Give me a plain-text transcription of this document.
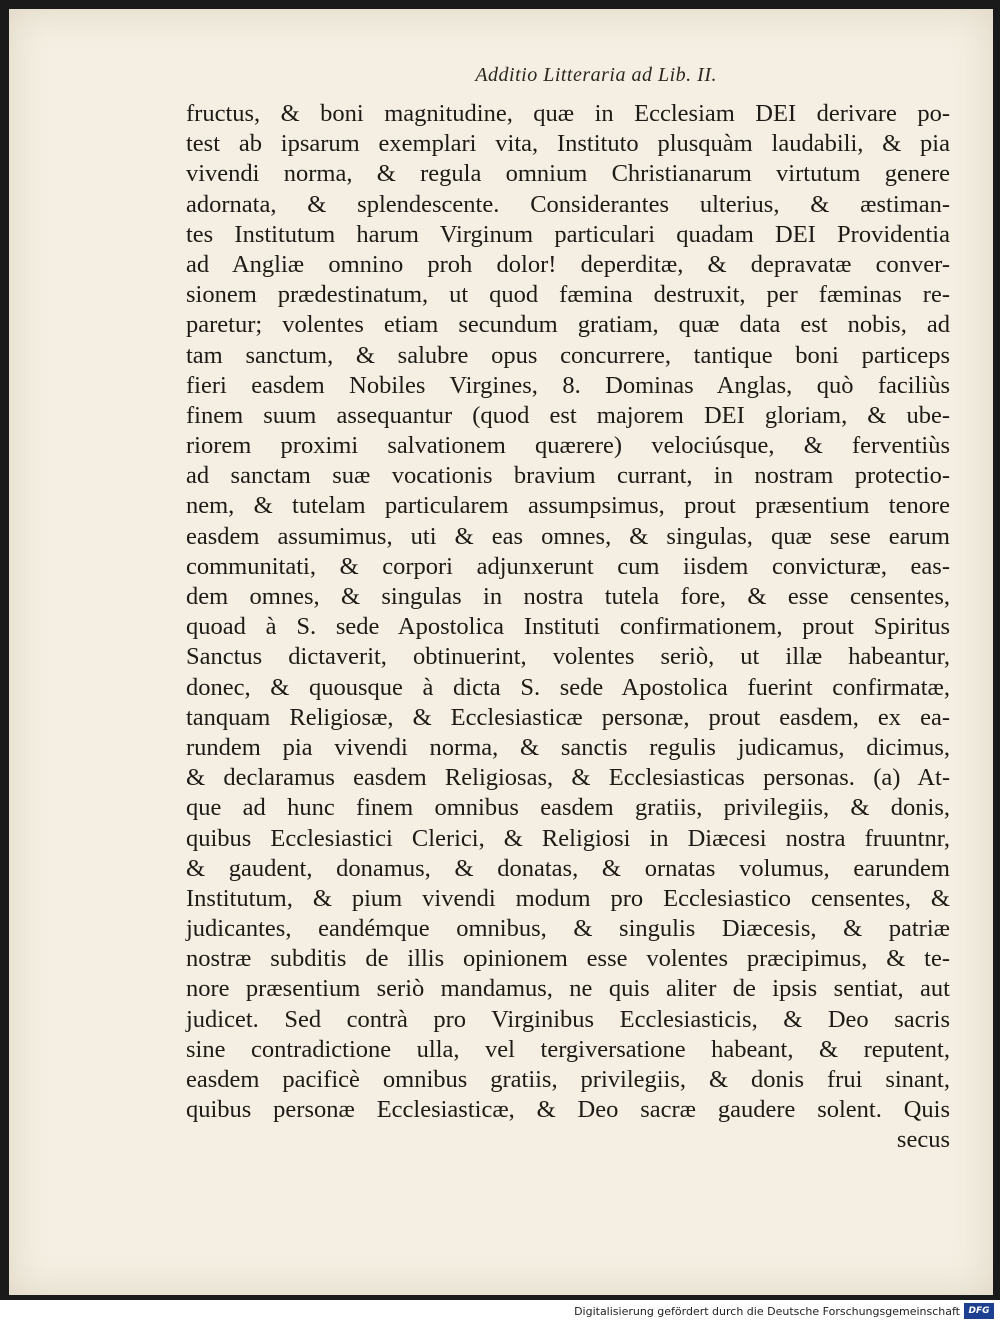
Additio Litteraria ad Lib. II.
fructus, & boni magnitudine, quæ in Ecclesiam DEI derivare po-
test ab ipsarum exemplari vita, Instituto plusquàm laudabili, & pia
vivendi norma, & regula omnium Christianarum virtutum genere
adornata, & splendescente. Considerantes ulterius, & æstiman-
tes Institutum harum Virginum particulari quadam DEI Providentia
ad Angliæ omnino proh dolor! deperditæ, & depravatæ conver-
sionem prædestinatum, ut quod fæmina destruxit, per fæminas re-
paretur; volentes etiam secundum gratiam, quæ data est nobis, ad
tam sanctum, & salubre opus concurrere, tantique boni particeps
fieri easdem Nobiles Virgines, 8. Dominas Anglas, quò faciliùs
finem suum assequantur (quod est majorem DEI gloriam, & ube-
riorem proximi salvationem quærere) velociúsque, & ferventiùs
ad sanctam suæ vocationis bravium currant, in nostram protectio-
nem, & tutelam particularem assumpsimus, prout præsentium tenore
easdem assumimus, uti & eas omnes, & singulas, quæ sese earum
communitati, & corpori adjunxerunt cum iisdem convicturæ, eas-
dem omnes, & singulas in nostra tutela fore, & esse censentes,
quoad à S. sede Apostolica Instituti confirmationem, prout Spiritus
Sanctus dictaverit, obtinuerint, volentes seriò, ut illæ habeantur,
donec, & quousque à dicta S. sede Apostolica fuerint confirmatæ,
tanquam Religiosæ, & Ecclesiasticæ personæ, prout easdem, ex ea-
rundem pia vivendi norma, & sanctis regulis judicamus, dicimus,
& declaramus easdem Religiosas, & Ecclesiasticas personas. (a) At-
que ad hunc finem omnibus easdem gratiis, privilegiis, & donis,
quibus Ecclesiastici Clerici, & Religiosi in Diæcesi nostra fruuntnr,
& gaudent, donamus, & donatas, & ornatas volumus, earundem
Institutum, & pium vivendi modum pro Ecclesiastico censentes, &
judicantes, eandémque omnibus, & singulis Diæcesis, & patriæ
nostræ subditis de illis opinionem esse volentes præcipimus, & te-
nore præsentium seriò mandamus, ne quis aliter de ipsis sentiat, aut
judicet. Sed contrà pro Virginibus Ecclesiasticis, & Deo sacris
sine contradictione ulla, vel tergiversatione habeant, & reputent,
easdem pacificè omnibus gratiis, privilegiis, & donis frui sinant,
quibus personæ Ecclesiasticæ, & Deo sacræ gaudere solent. Quis
secus
Digitalisierung gefördert durch die Deutsche Forschungsgemeinschaft DFG
